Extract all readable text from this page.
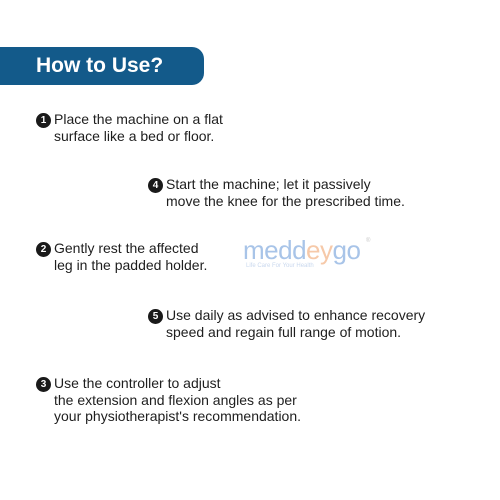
How to Use?
1 Place the machine on a flat
surface like a bed or floor.
4 Start the machine; let it passively
move the knee for the prescribed time.
2 Gently rest the affected
leg in the padded holder. meddeygo ®
Life Care For Your Health
5 Use daily as advised to enhance recovery
speed and regain full range of motion.
3 Use the controller to adjust
the extension and flexion angles as per
your physiotherapist's recommendation.
